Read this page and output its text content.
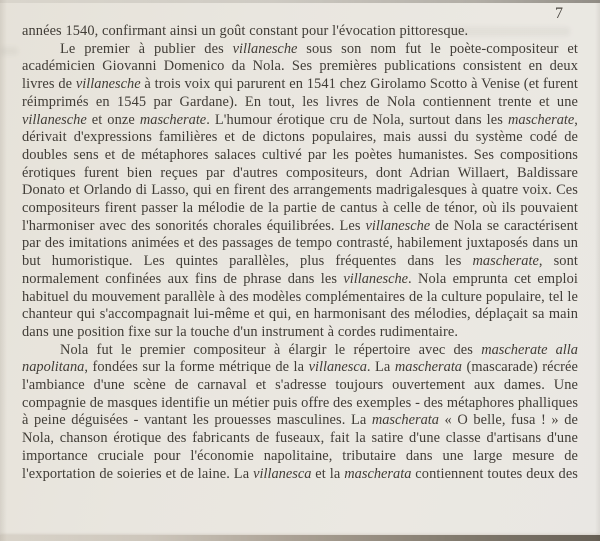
7

années 1540, confirmant ainsi un goût constant pour l'évocation pittoresque.

Le premier à publier des villanesche sous son nom fut le poète-compositeur et académicien Giovanni Domenico da Nola. Ses premières publications consistent en deux livres de villanesche à trois voix qui parurent en 1541 chez Girolamo Scotto à Venise (et furent réimprimés en 1545 par Gardane). En tout, les livres de Nola contiennent trente et une villanesche et onze mascherate. L'humour érotique cru de Nola, surtout dans les mascherate, dérivait d'expressions familières et de dictons populaires, mais aussi du système codé de doubles sens et de métaphores salaces cultivé par les poètes humanistes. Ses compositions érotiques furent bien reçues par d'autres compositeurs, dont Adrian Willaert, Baldissare Donato et Orlando di Lasso, qui en firent des arrangements madrigalesques à quatre voix. Ces compositeurs firent passer la mélodie de la partie de cantus à celle de ténor, où ils pouvaient l'harmoniser avec des sonorités chorales équilibrées. Les villanesche de Nola se caractérisent par des imitations animées et des passages de tempo contrasté, habilement juxtaposés dans un but humoristique. Les quintes parallèles, plus fréquentes dans les mascherate, sont normalement confinées aux fins de phrase dans les villanesche. Nola emprunta cet emploi habituel du mouvement parallèle à des modèles complémentaires de la culture populaire, tel le chanteur qui s'accompagnait lui-même et qui, en harmonisant des mélodies, déplaçait sa main dans une position fixe sur la touche d'un instrument à cordes rudimentaire.

Nola fut le premier compositeur à élargir le répertoire avec des mascherate alla napolitana, fondées sur la forme métrique de la villanesca. La mascherata (mascarade) récrée l'ambiance d'une scène de carnaval et s'adresse toujours ouvertement aux dames. Une compagnie de masques identifie un métier puis offre des exemples - des métaphores phalliques à peine déguisées - vantant les prouesses masculines. La mascherata « O belle, fusa ! » de Nola, chanson érotique des fabricants de fuseaux, fait la satire d'une classe d'artisans d'une importance cruciale pour l'économie napolitaine, tributaire dans une large mesure de l'exportation de soieries et de laine. La villanesca et la mascherata contiennent toutes deux des
